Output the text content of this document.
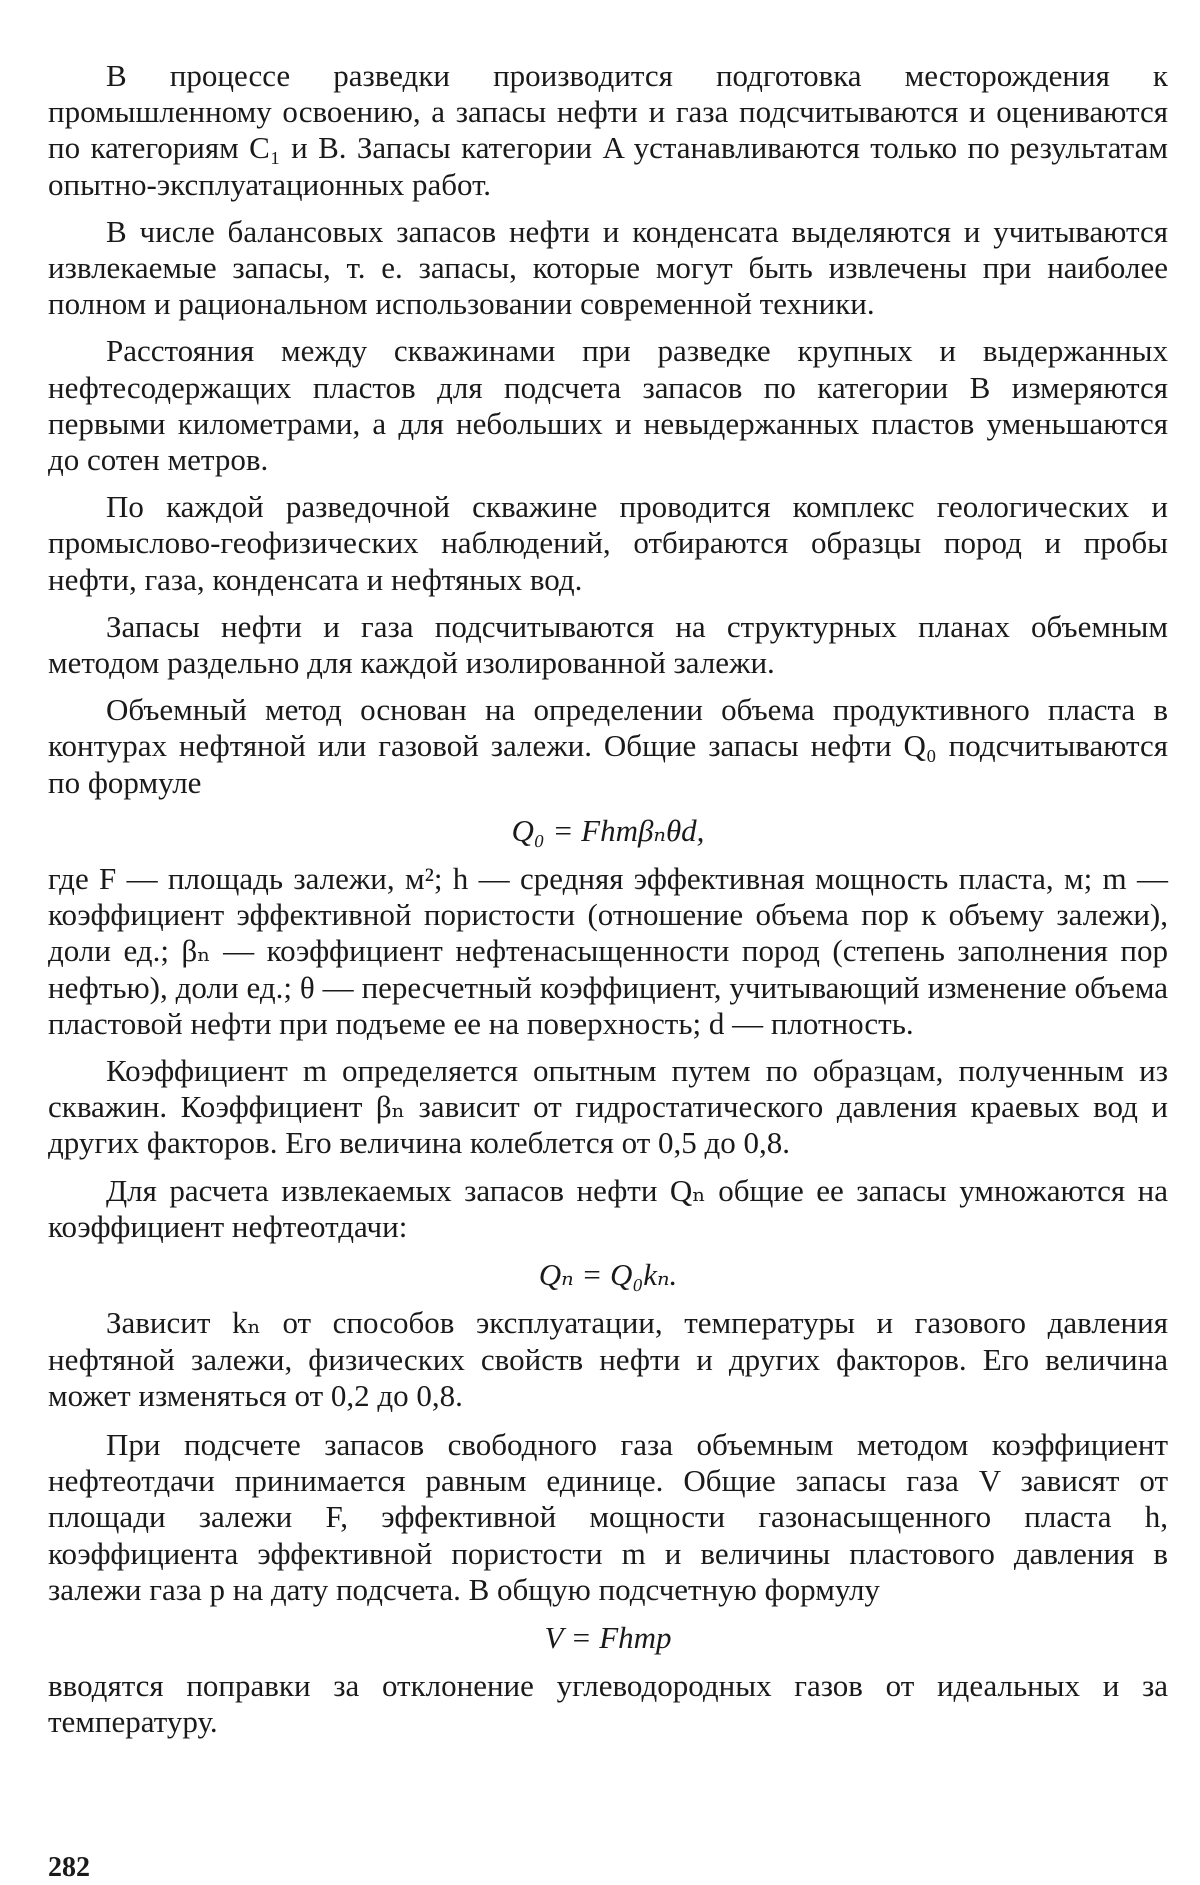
В процессе разведки производится подготовка месторождения к промышленному освоению, а запасы нефти и газа подсчитываются и оцениваются по категориям C₁ и B. Запасы категории A устанавливаются только по результатам опытно-эксплуатационных работ.

В числе балансовых запасов нефти и конденсата выделяются и учитываются извлекаемые запасы, т. е. запасы, которые могут быть извлечены при наиболее полном и рациональном использовании современной техники.

Расстояния между скважинами при разведке крупных и выдержанных нефтесодержащих пластов для подсчета запасов по категории B измеряются первыми километрами, а для небольших и невыдержанных пластов уменьшаются до сотен метров.

По каждой разведочной скважине проводится комплекс геологических и промыслово-геофизических наблюдений, отбираются образцы пород и пробы нефти, газа, конденсата и нефтяных вод.

Запасы нефти и газа подсчитываются на структурных планах объемным методом раздельно для каждой изолированной залежи.

Объемный метод основан на определении объема продуктивного пласта в контурах нефтяной или газовой залежи. Общие запасы нефти Q₀ подсчитываются по формуле

Q₀ = Fhmβₙθd,

где F — площадь залежи, м²; h — средняя эффективная мощность пласта, м; m — коэффициент эффективной пористости (отношение объема пор к объему залежи), доли ед.; βₙ — коэффициент нефтенасыщенности пород (степень заполнения пор нефтью), доли ед.; θ — пересчетный коэффициент, учитывающий изменение объема пластовой нефти при подъеме ее на поверхность; d — плотность.

Коэффициент m определяется опытным путем по образцам, полученным из скважин. Коэффициент βₙ зависит от гидростатического давления краевых вод и других факторов. Его величина колеблется от 0,5 до 0,8.

Для расчета извлекаемых запасов нефти Qₙ общие ее запасы умножаются на коэффициент нефтеотдачи:

Qₙ = Q₀kₙ.

Зависит kₙ от способов эксплуатации, температуры и газового давления нефтяной залежи, физических свойств нефти и других факторов. Его величина может изменяться от 0,2 до 0,8.

При подсчете запасов свободного газа объемным методом коэффициент нефтеотдачи принимается равным единице. Общие запасы газа V зависят от площади залежи F, эффективной мощности газонасыщенного пласта h, коэффициента эффективной пористости m и величины пластового давления в залежи газа p на дату подсчета. В общую подсчетную формулу

V = Fhmp

вводятся поправки за отклонение углеводородных газов от идеальных и за температуру.

282
